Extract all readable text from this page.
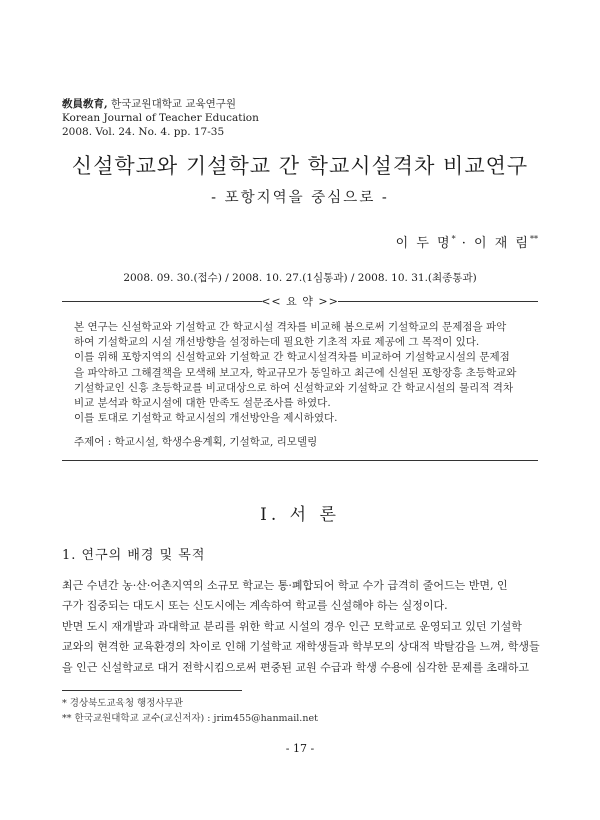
敎員敎育, 한국교원대학교 교육연구원
Korean Journal of Teacher Education
2008. Vol. 24. No. 4. pp. 17-35
신설학교와 기설학교 간 학교시설격차 비교연구
- 포항지역을 중심으로 -
이 두 명* · 이 재 림**
2008. 09. 30.(접수) / 2008. 10. 27.(1심통과) / 2008. 10. 31.(최종통과)
<< 요 약 >>

본 연구는 신설학교와 기설학교 간 학교시설 격차를 비교해 봄으로써 기설학교의 문제점을 파악

하여 기설학교의 시설 개선방향을 설정하는데 필요한 기초적 자료 제공에 그 목적이 있다.

이를 위해 포항지역의 신설학교와 기설학교 간 학교시설격차를 비교하여 기설학교시설의 문제점

을 파악하고 그해결책을 모색해 보고자, 학교규모가 동일하고 최근에 신설된 포항장흥 초등학교와

기설학교인 신흥 초등학교를 비교대상으로 하여 신설학교와 기설학교 간 학교시설의 물리적 격차

비교 분석과 학교시설에 대한 만족도 설문조사를 하였다.

이를 토대로 기설학교 학교시설의 개선방안을 제시하였다.

주제어 : 학교시설, 학생수용계획, 기설학교, 리모델링
Ⅰ. 서 론
1. 연구의 배경 및 목적

최근 수년간 농·산·어촌지역의 소규모 학교는 통·폐합되어 학교 수가 급격히 줄어드는 반면, 인

구가 집중되는 대도시 또는 신도시에는 계속하여 학교를 신설해야 하는 실정이다.

반면 도시 재개발과 과대학교 분리를 위한 학교 시설의 경우 인근 모학교로 운영되고 있던 기설학

교와의 현격한 교육환경의 차이로 인해 기설학교 재학생들과 학부모의 상대적 박탈감을 느껴, 학생들

을 인근 신설학교로 대거 전학시킴으로써 편중된 교원 수급과 학생 수용에 심각한 문제를 초래하고

* 경상북도교육청 행정사무관
** 한국교원대학교 교수(교신저자) : jrim455@hanmail.net
- 17 -
